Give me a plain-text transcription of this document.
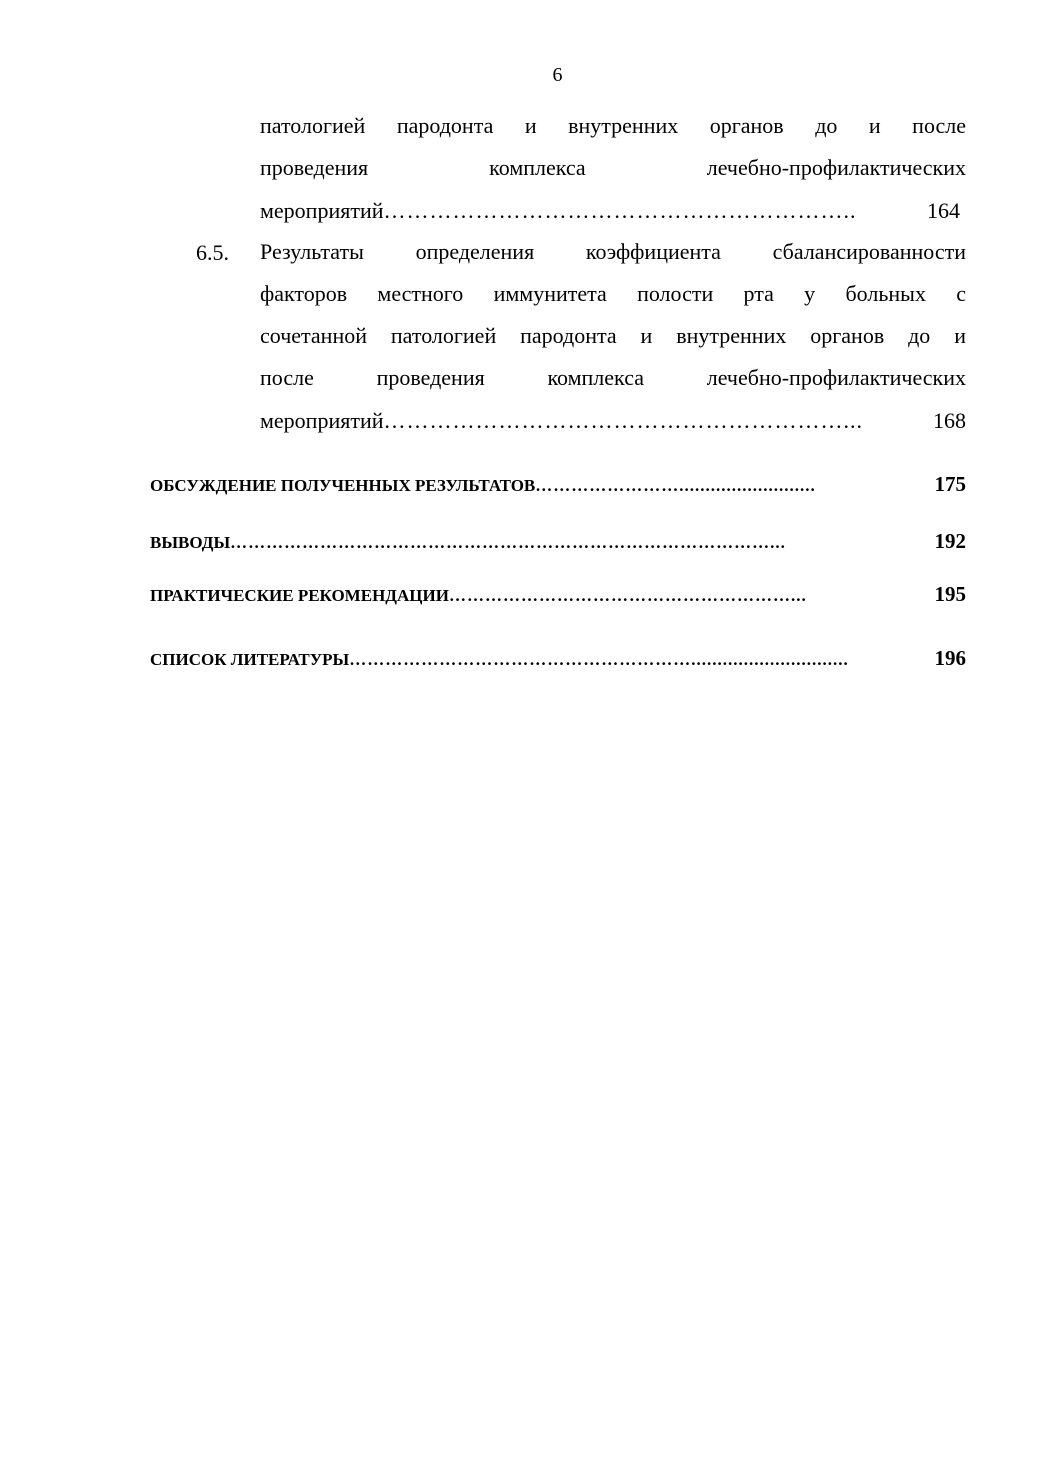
6
патологией пародонта и внутренних органов до и после
проведения комплекса лечебно-профилактических
мероприятий ……………………………………………………..	164
6.5. Результаты определения коэффициента сбалансированности
факторов местного иммунитета полости рта у больных с
сочетанной патологией пародонта и внутренних органов до и
после проведения комплекса лечебно-профилактических
мероприятий ……………………………………………………...	168
ОБСУЖДЕНИЕ ПОЛУЧЕННЫХ РЕЗУЛЬТАТОВ ……………………..........................	175
ВЫВОДЫ ………………………………………………………………………………...	192
ПРАКТИЧЕСКИЕ РЕКОМЕНДАЦИИ …………………………………………………...	195
СПИСОК ЛИТЕРАТУРЫ …………………………………………………..............................	196
